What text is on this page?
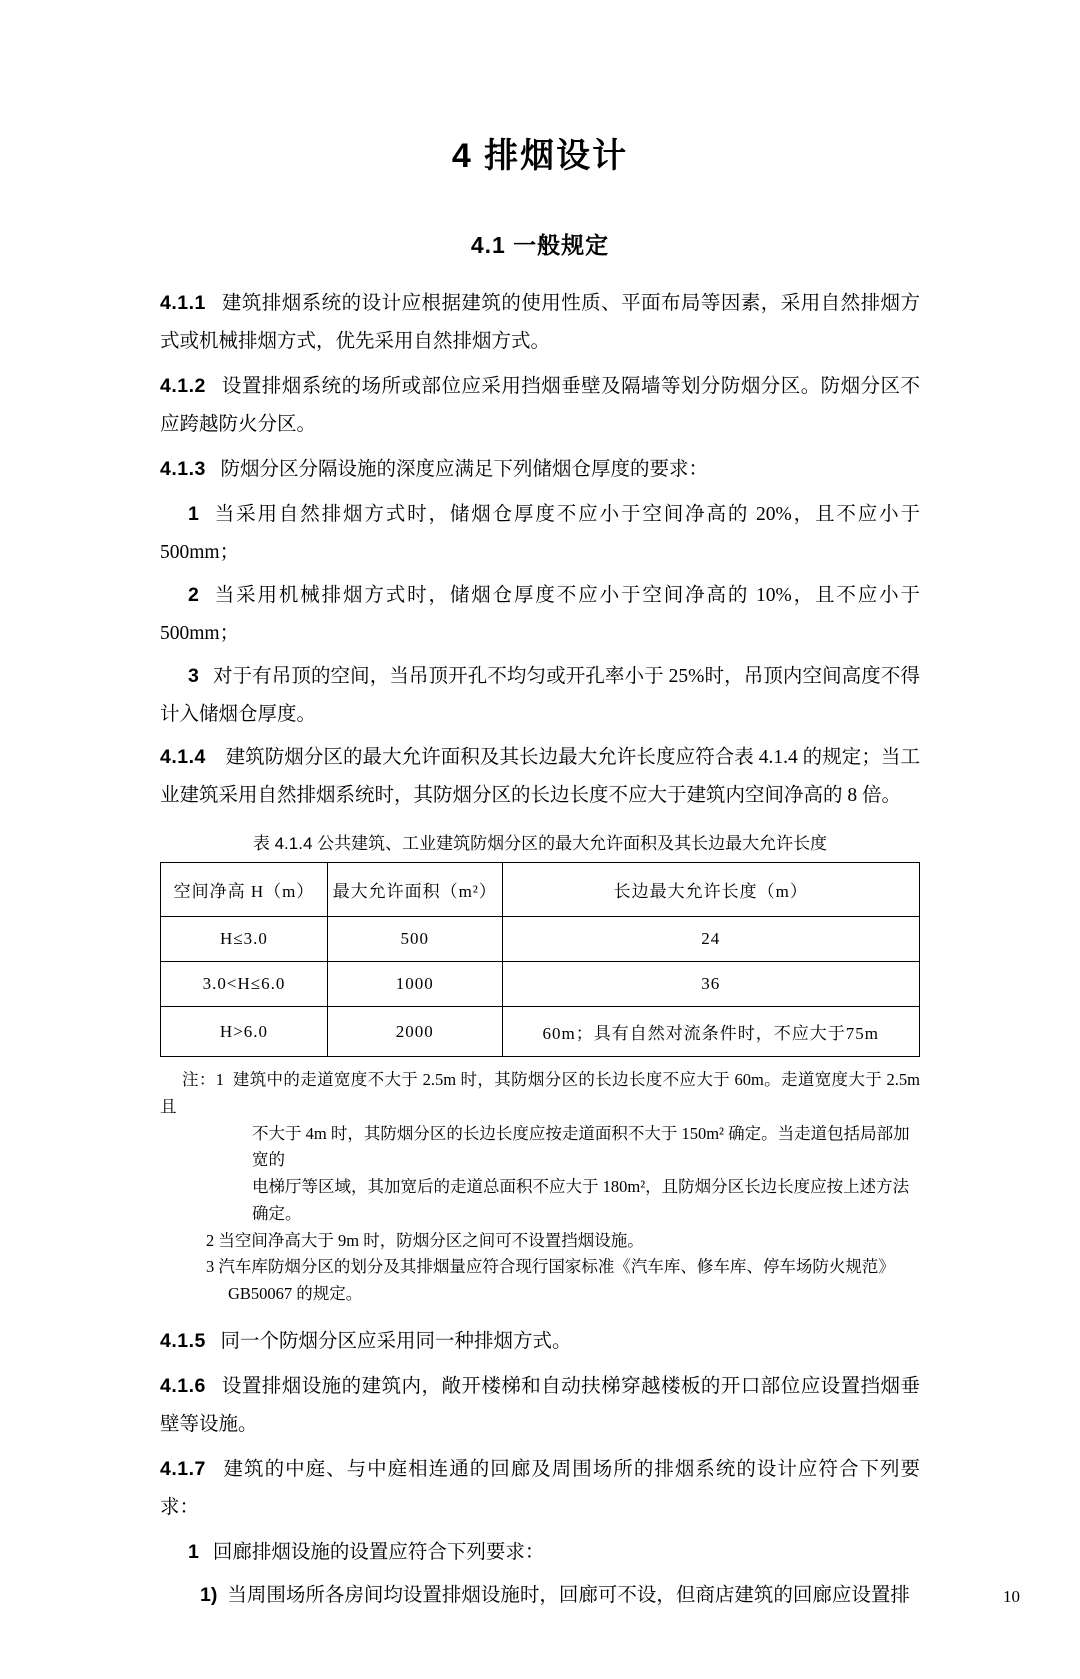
4 排烟设计
4.1 一般规定

4.1.1 建筑排烟系统的设计应根据建筑的使用性质、平面布局等因素，采用自然排烟方式或机械排烟方式，优先采用自然排烟方式。

4.1.2 设置排烟系统的场所或部位应采用挡烟垂壁及隔墙等划分防烟分区。防烟分区不应跨越防火分区。

4.1.3 防烟分区分隔设施的深度应满足下列储烟仓厚度的要求：

1 当采用自然排烟方式时，储烟仓厚度不应小于空间净高的 20%，且不应小于 500mm；

2 当采用机械排烟方式时，储烟仓厚度不应小于空间净高的 10%，且不应小于 500mm；

3 对于有吊顶的空间，当吊顶开孔不均匀或开孔率小于 25%时，吊顶内空间高度不得计入储烟仓厚度。

4.1.4 建筑防烟分区的最大允许面积及其长边最大允许长度应符合表 4.1.4 的规定；当工业建筑采用自然排烟系统时，其防烟分区的长边长度不应大于建筑内空间净高的 8 倍。

表 4.1.4 公共建筑、工业建筑防烟分区的最大允许面积及其长边最大允许长度
空间净高 H（m）	最大允许面积（m²）	长边最大允许长度（m）
H≤3.0	500	24
3.0<H≤6.0	1000	36
H>6.0	2000	60m；具有自然对流条件时，不应大于75m
注：1 建筑中的走道宽度不大于 2.5m 时，其防烟分区的长边长度不应大于 60m。走道宽度大于 2.5m 且
不大于 4m 时，其防烟分区的长边长度应按走道面积不大于 150m² 确定。当走道包括局部加宽的
电梯厅等区域，其加宽后的走道总面积不应大于 180m²，且防烟分区长边长度应按上述方法确定。
2 当空间净高大于 9m 时，防烟分区之间可不设置挡烟设施。
3 汽车库防烟分区的划分及其排烟量应符合现行国家标准《汽车库、修车库、停车场防火规范》
GB50067 的规定。

4.1.5 同一个防烟分区应采用同一种排烟方式。

4.1.6 设置排烟设施的建筑内，敞开楼梯和自动扶梯穿越楼板的开口部位应设置挡烟垂壁等设施。

4.1.7 建筑的中庭、与中庭相连通的回廊及周围场所的排烟系统的设计应符合下列要求：

1 回廊排烟设施的设置应符合下列要求：

1) 当周围场所各房间均设置排烟设施时，回廊可不设，但商店建筑的回廊应设置排	10
